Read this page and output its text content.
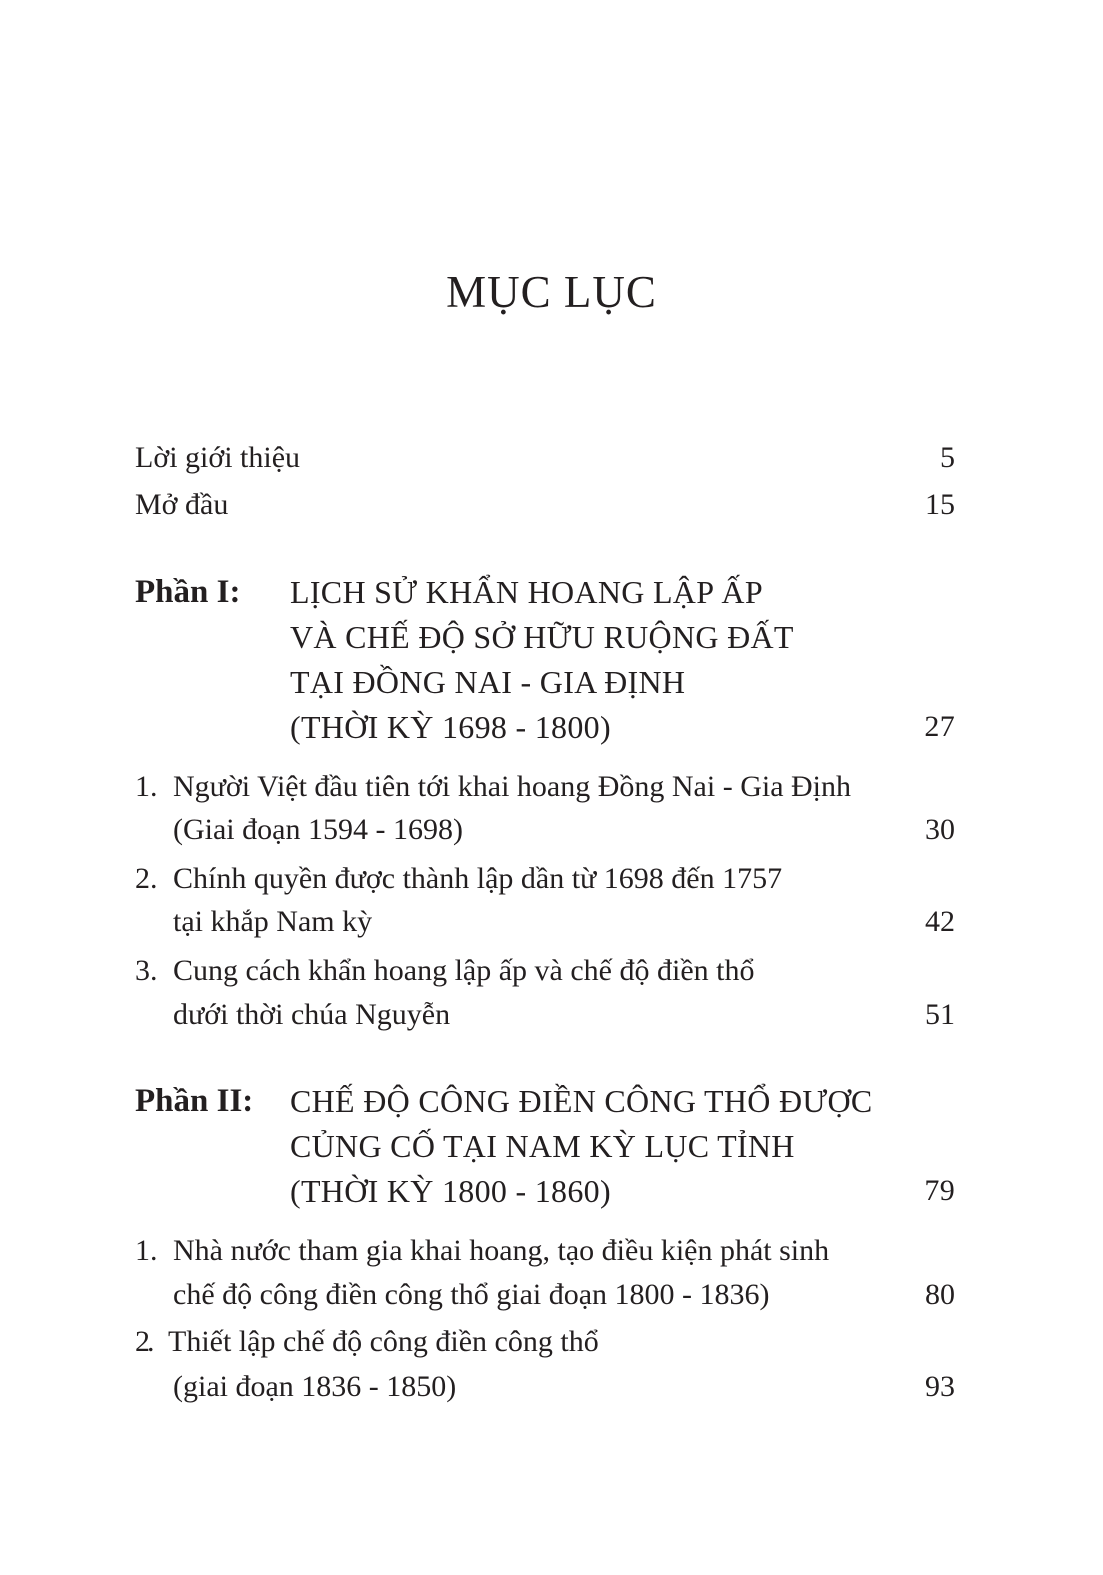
MỤC LỤC
Lời giới thiệu	5
Mở đầu	15
Phần I: LỊCH SỬ KHẨN HOANG LẬP ẤP
VÀ CHẾ ĐỘ SỞ HỮU RUỘNG ĐẤT
TẠI ĐỒNG NAI - GIA ĐỊNH
(THỜI KỲ 1698 - 1800)	27
1. Người Việt đầu tiên tới khai hoang Đồng Nai - Gia Định
(Giai đoạn 1594 - 1698)	30
2. Chính quyền được thành lập dần từ 1698 đến 1757
tại khắp Nam kỳ	42
3. Cung cách khẩn hoang lập ấp và chế độ điền thổ
dưới thời chúa Nguyễn	51
Phần II: CHẾ ĐỘ CÔNG ĐIỀN CÔNG THỔ ĐƯỢC
CỦNG CỐ TẠI NAM KỲ LỤC TỈNH
(THỜI KỲ 1800 - 1860)	79
1. Nhà nước tham gia khai hoang, tạo điều kiện phát sinh
chế độ công điền công thổ giai đoạn 1800 - 1836)	80
2. Thiết lập chế độ công điền công thổ
(giai đoạn 1836 - 1850)	93
